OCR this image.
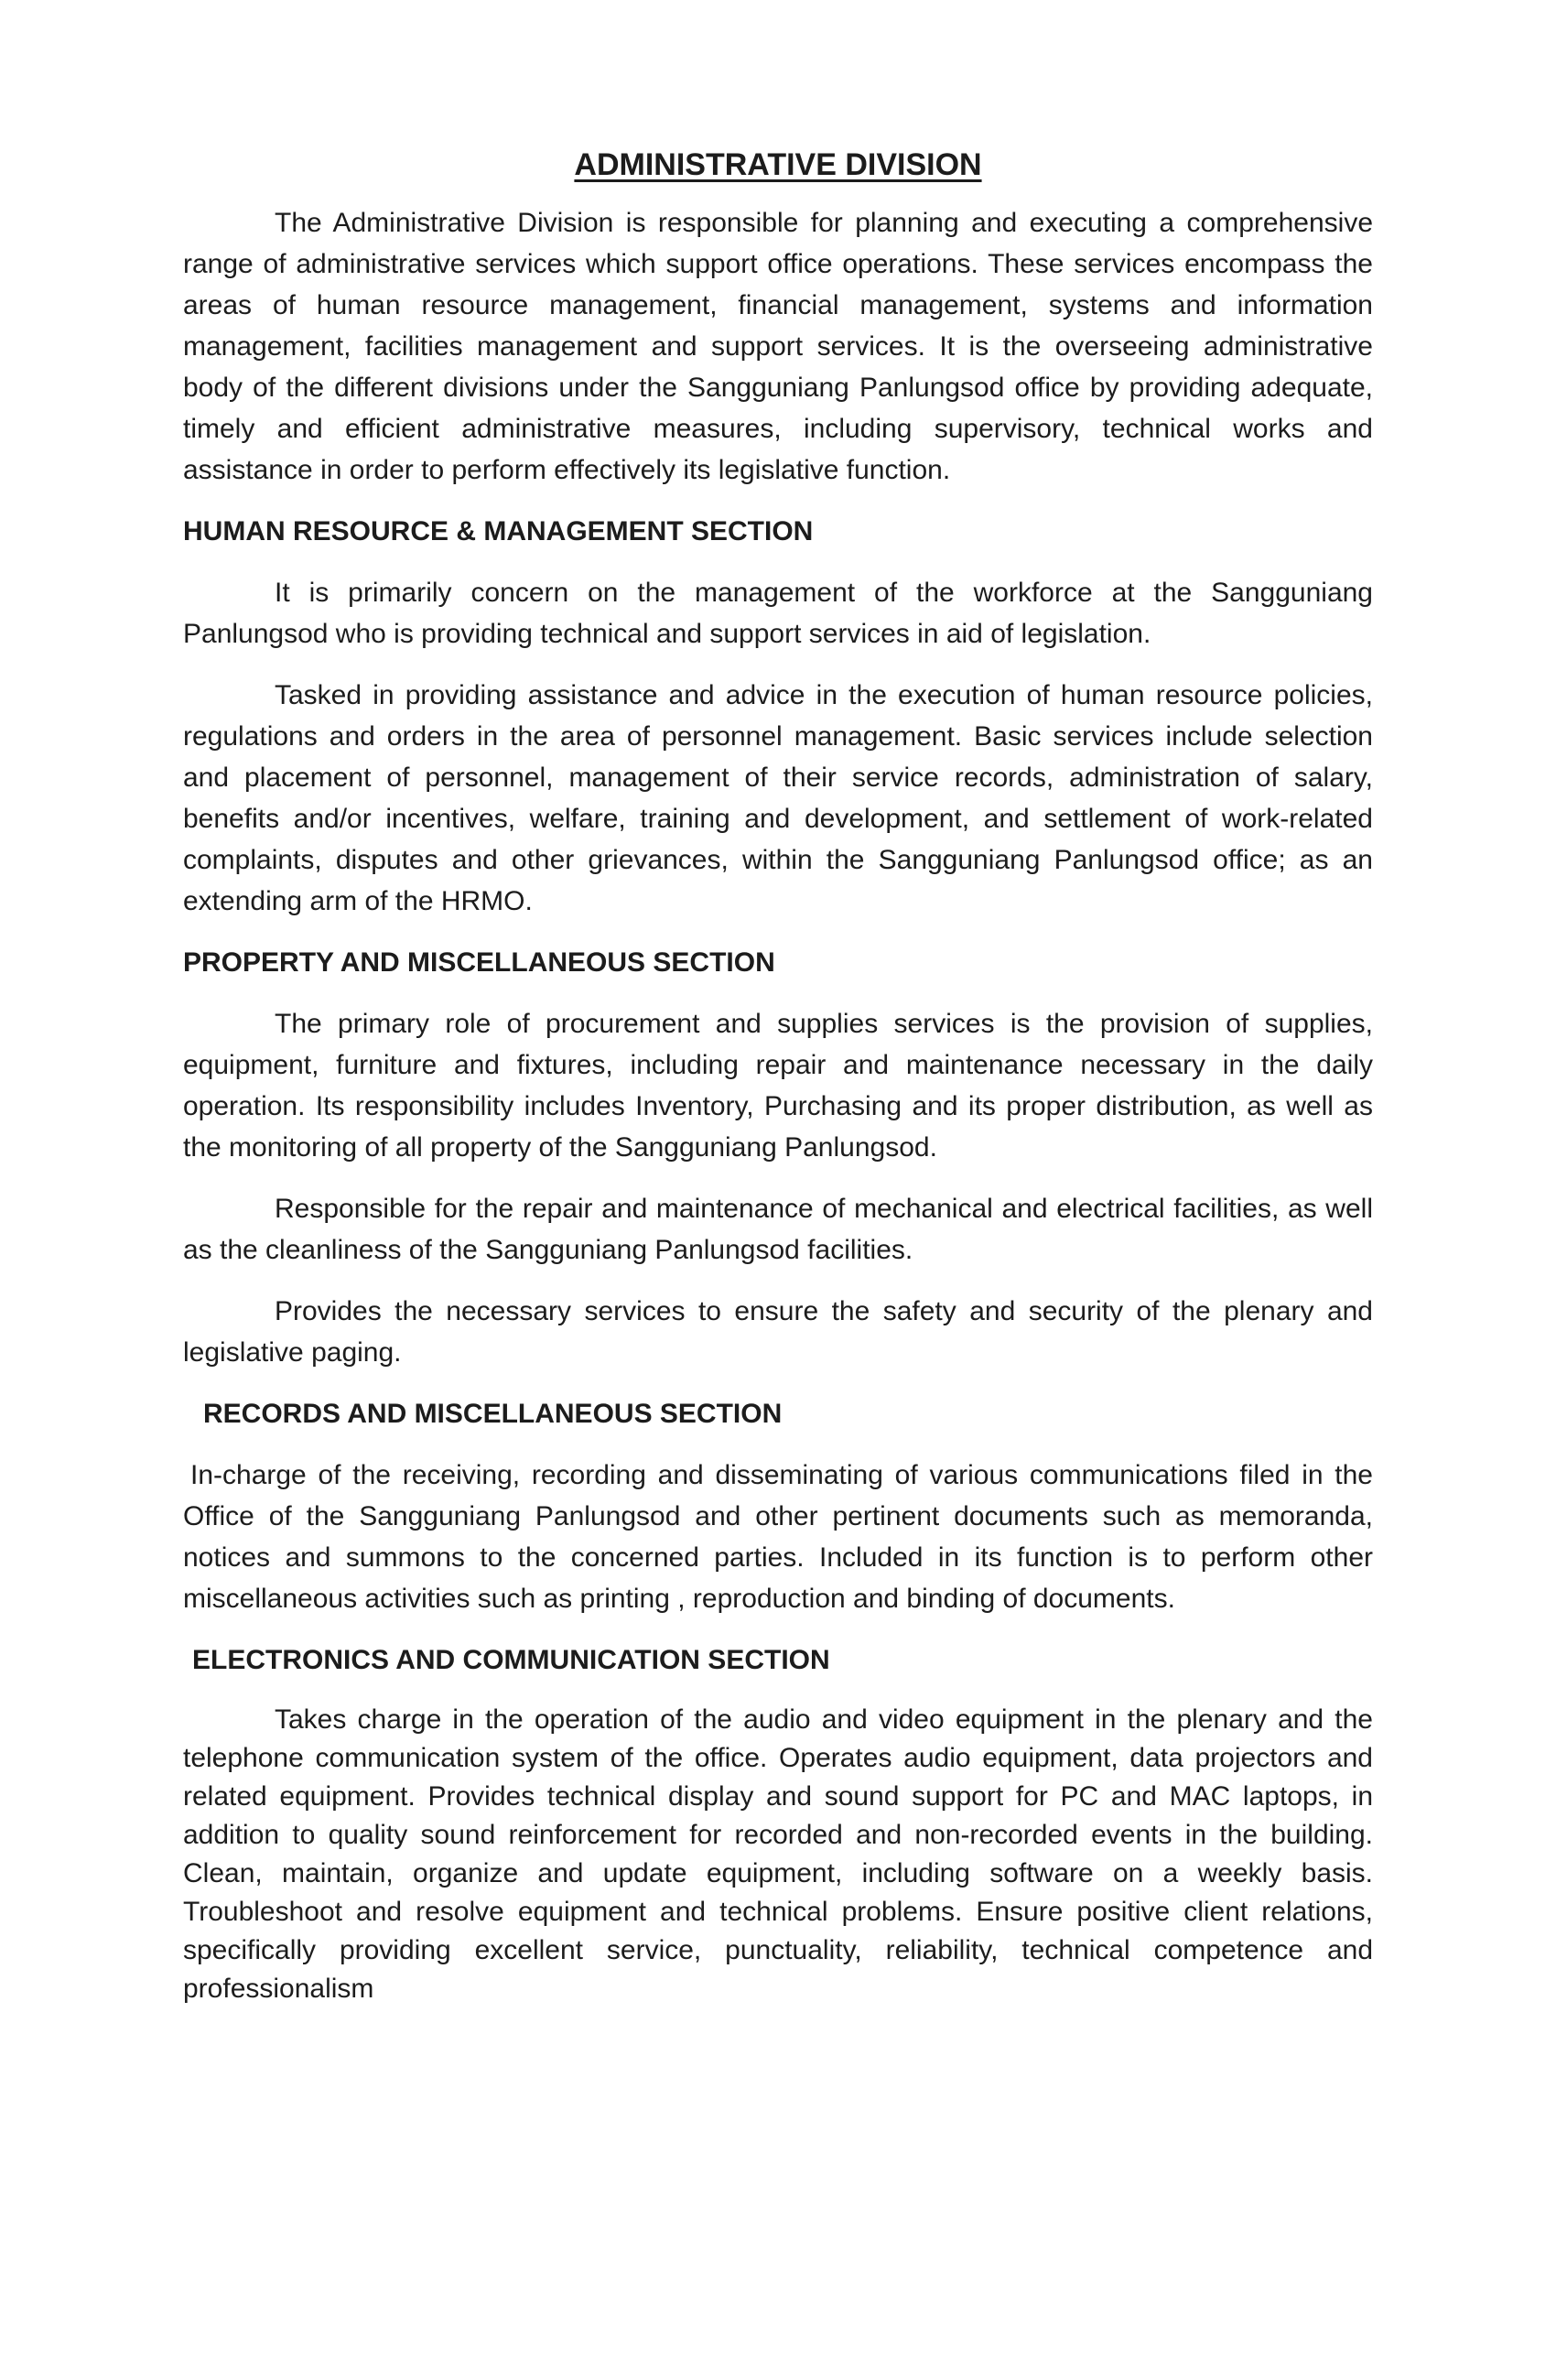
ADMINISTRATIVE DIVISION

The Administrative Division is responsible for planning and executing a comprehensive range of administrative services which support office operations. These services encompass the areas of human resource management, financial management, systems and information management, facilities management and support services. It is the overseeing administrative body of the different divisions under the Sangguniang Panlungsod office by providing adequate, timely and efficient administrative measures, including supervisory, technical works and assistance in order to perform effectively its legislative function.

HUMAN RESOURCE & MANAGEMENT SECTION

It is primarily concern on the management of the workforce at the Sangguniang Panlungsod who is providing technical and support services in aid of legislation.

Tasked in providing assistance and advice in the execution of human resource policies, regulations and orders in the area of personnel management. Basic services include selection and placement of personnel, management of their service records, administration of salary, benefits and/or incentives, welfare, training and development, and settlement of work-related complaints, disputes and other grievances, within the Sangguniang Panlungsod office; as an extending arm of the HRMO.

PROPERTY AND MISCELLANEOUS SECTION

The primary role of procurement and supplies services is the provision of supplies, equipment, furniture and fixtures, including repair and maintenance necessary in the daily operation. Its responsibility includes Inventory, Purchasing and its proper distribution, as well as the monitoring of all property of the Sangguniang Panlungsod.

Responsible for the repair and maintenance of mechanical and electrical facilities, as well as the cleanliness of the Sangguniang Panlungsod facilities.

Provides the necessary services to ensure the safety and security of the plenary and legislative paging.

RECORDS AND MISCELLANEOUS SECTION

In-charge of the receiving, recording and disseminating of various communications filed in the Office of the Sangguniang Panlungsod and other pertinent documents such as memoranda, notices and summons to the concerned parties. Included in its function is to perform other miscellaneous activities such as printing , reproduction and binding of documents.

ELECTRONICS AND COMMUNICATION SECTION

Takes charge in the operation of the audio and video equipment in the plenary and the telephone communication system of the office. Operates audio equipment, data projectors and related equipment. Provides technical display and sound support for PC and MAC laptops, in addition to quality sound reinforcement for recorded and non-recorded events in the building. Clean, maintain, organize and update equipment, including software on a weekly basis. Troubleshoot and resolve equipment and technical problems. Ensure positive client relations, specifically providing excellent service, punctuality, reliability, technical competence and professionalism
